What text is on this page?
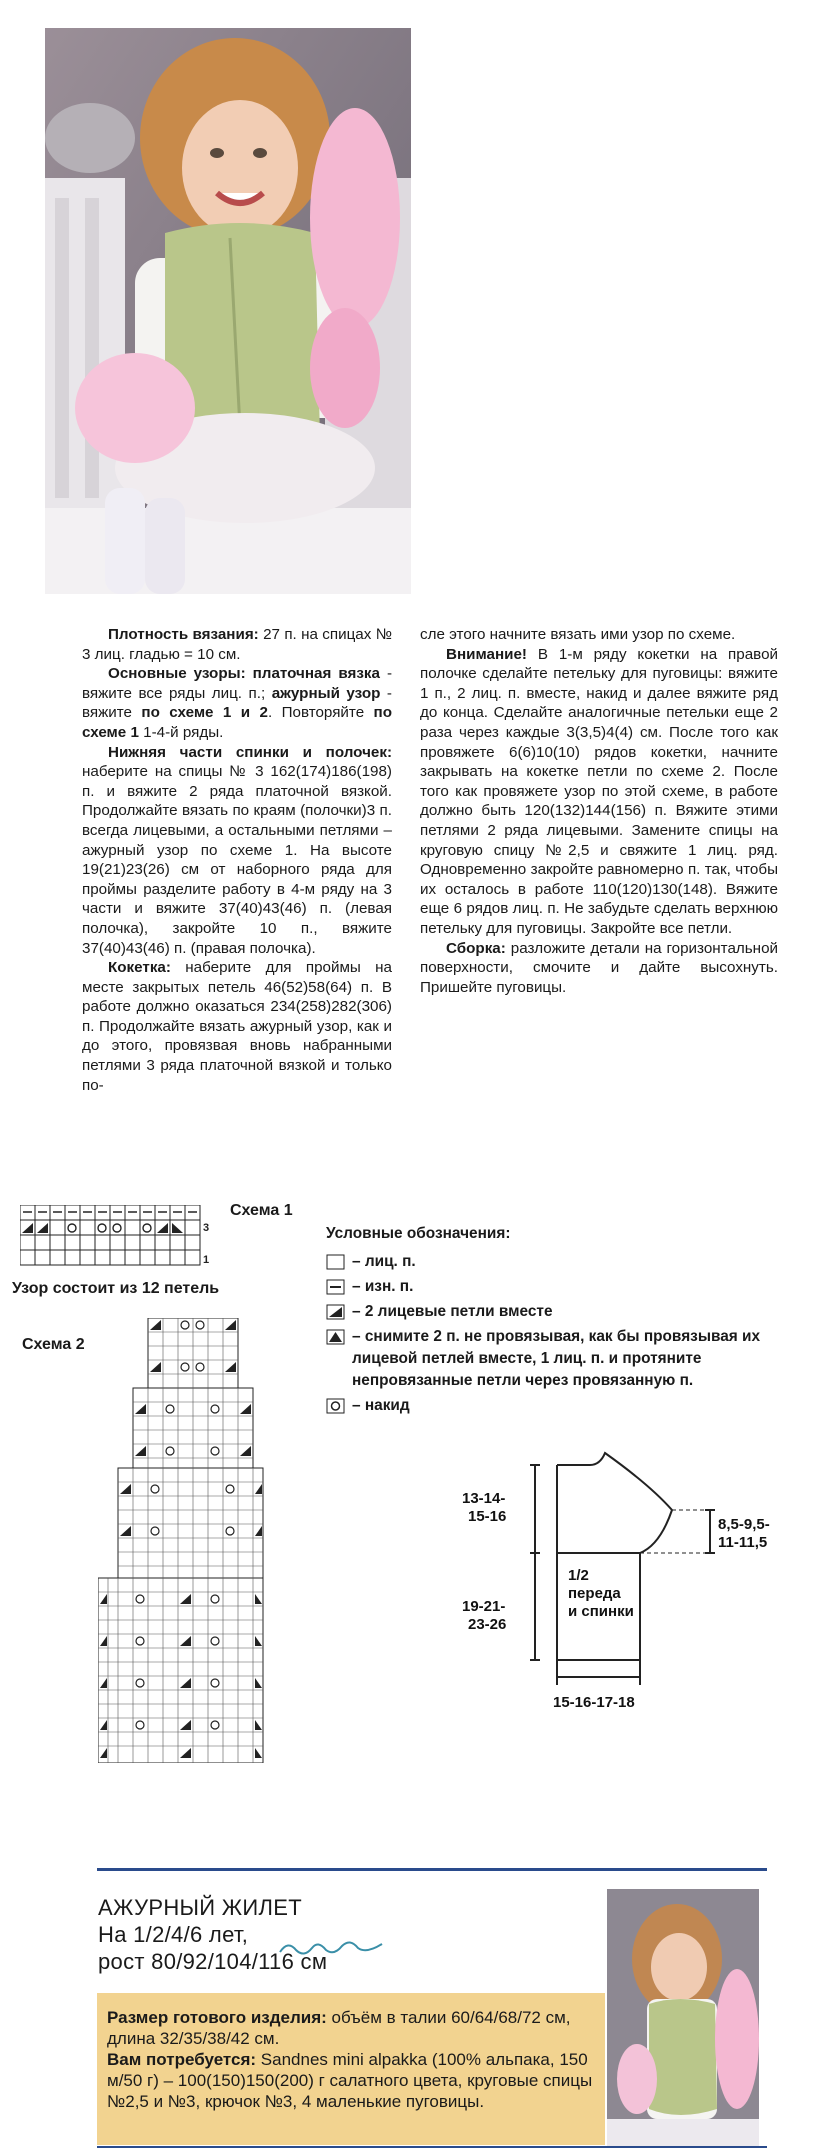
Плотность вязания: 27 п. на спицах № 3 лиц. гладью = 10 см.

Основные узоры: платочная вязка - вяжите все ряды лиц. п.; ажурный узор - вяжите по схеме 1 и 2. Повторяйте по схеме 1 1-4-й ряды.

Нижняя части спинки и полочек: наберите на спицы № 3 162(174)186(198) п. и вяжите 2 ряда платочной вязкой. Продолжайте вязать по краям (полочки)3 п. всегда лицевыми, а остальными петлями – ажурный узор по схеме 1. На высоте 19(21)23(26) см от наборного ряда для проймы разделите работу в 4-м ряду на 3 части и вяжите 37(40)43(46) п. (левая полочка), закройте 10 п., вяжите 37(40)43(46) п. (правая полочка).

Кокетка: наберите для проймы на месте закрытых петель 46(52)58(64) п. В работе должно оказаться 234(258)282(306) п. Продолжайте вязать ажурный узор, как и до этого, провязвая вновь набранными петлями 3 ряда платочной вязкой и только по-

сле этого начните вязать ими узор по схеме.

Внимание! В 1-м ряду кокетки на правой полочке сделайте петельку для пуговицы: вяжите 1 п., 2 лиц. п. вместе, накид и далее вяжите ряд до конца. Сделайте аналогичные петельки еще 2 раза через каждые 3(3,5)4(4) см. После того как провяжете 6(6)10(10) рядов кокетки, начните закрывать на кокетке петли по схеме 2. После того как провяжете узор по этой схеме, в работе должно быть 120(132)144(156) п. Вяжите этими петлями 2 ряда лицевыми. Замените спицы на круговую спицу №2,5 и свяжите 1 лиц. ряд. Одновременно закройте равномерно п. так, чтобы их осталось в работе 110(120)130(148). Вяжите еще 6 рядов лиц. п. Не забудьте сделать верхнюю петельку для пуговицы. Закройте все петли.

Сборка: разложите детали на горизонтальной поверхности, смочите и дайте высохнуть. Пришейте пуговицы.

3
1
Схема 1
Узор состоит из 12 петель
Схема 2
Условные обозначения:
– лиц. п.
– изн. п.
– 2 лицевые петли вместе
– снимите 2 п. не провязывая, как бы провязывая их лицевой петлей вместе, 1 лиц. п. и протяните непровязанные петли через провязанную п.
– накид
13-14-
15-16
19-21-
23-26
8,5-9,5-
11-11,5
15-16-17-18
1/2
переда
и спинки
АЖУРНЫЙ ЖИЛЕТ
На 1/2/4/6 лет,
рост 80/92/104/116 см

Размер готового изделия: объём в талии 60/64/68/72 см, длина 32/35/38/42 см.

Вам потребуется: Sandnes mini alpakka (100% альпака, 150 м/50 г) – 100(150)150(200) г салатного цвета, круговые спицы №2,5 и №3, крючок №3, 4 маленькие пуговицы.
